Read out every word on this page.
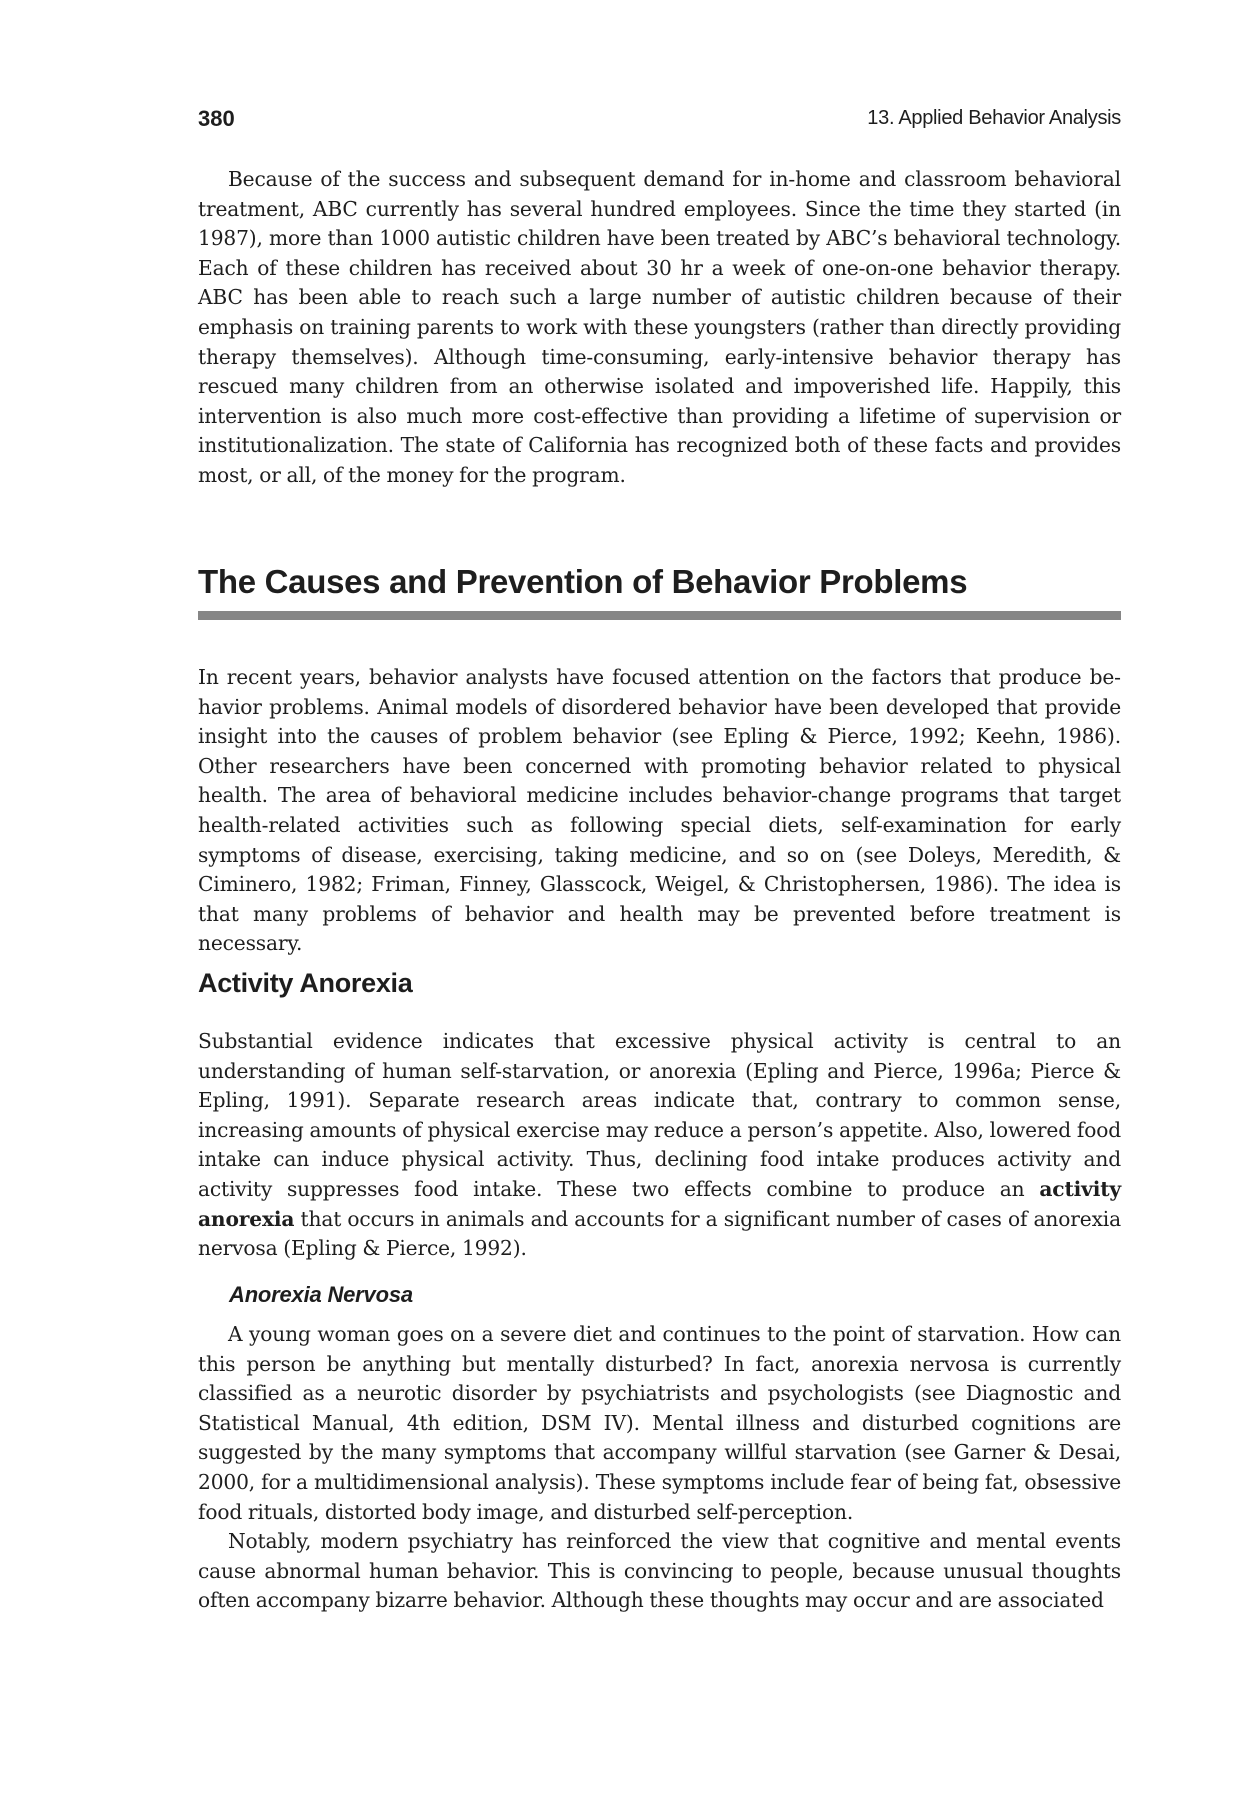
380	13. Applied Behavior Analysis

Because of the success and subsequent demand for in-home and classroom behavioral treatment, ABC currently has several hundred employees. Since the time they started (in 1987), more than 1000 autistic children have been treated by ABC’s behavioral technology. Each of these children has received about 30 hr a week of one-on-one behavior therapy. ABC has been able to reach such a large number of autistic children because of their emphasis on training parents to work with these youngsters (rather than directly providing therapy themselves). Although time-consuming, early-intensive behavior therapy has rescued many children from an otherwise isolated and impoverished life. Happily, this intervention is also much more cost-effective than providing a lifetime of supervision or institutionalization. The state of California has recognized both of these facts and provides most, or all, of the money for the program.

The Causes and Prevention of Behavior Problems

In recent years, behavior analysts have focused attention on the factors that produce behavior problems. Animal models of disordered behavior have been developed that provide insight into the causes of problem behavior (see Epling & Pierce, 1992; Keehn, 1986). Other researchers have been concerned with promoting behavior related to physical health. The area of behavioral medicine includes behavior-change programs that target health-related activities such as following special diets, self-examination for early symptoms of disease, exercising, taking medicine, and so on (see Doleys, Meredith, & Ciminero, 1982; Friman, Finney, Glasscock, Weigel, & Christophersen, 1986). The idea is that many problems of behavior and health may be prevented before treatment is necessary.

Activity Anorexia

Substantial evidence indicates that excessive physical activity is central to an understanding of human self-starvation, or anorexia (Epling and Pierce, 1996a; Pierce & Epling, 1991). Separate research areas indicate that, contrary to common sense, increasing amounts of physical exercise may reduce a person’s appetite. Also, lowered food intake can induce physical activity. Thus, declining food intake produces activity and activity suppresses food intake. These two effects combine to produce an activity anorexia that occurs in animals and accounts for a significant number of cases of anorexia nervosa (Epling & Pierce, 1992).

Anorexia Nervosa

A young woman goes on a severe diet and continues to the point of starvation. How can this person be anything but mentally disturbed? In fact, anorexia nervosa is currently classified as a neurotic disorder by psychiatrists and psychologists (see Diagnostic and Statistical Manual, 4th edition, DSM IV). Mental illness and disturbed cognitions are suggested by the many symptoms that accompany willful starvation (see Garner & Desai, 2000, for a multidimensional analysis). These symptoms include fear of being fat, obsessive food rituals, distorted body image, and disturbed self-perception.

Notably, modern psychiatry has reinforced the view that cognitive and mental events cause abnormal human behavior. This is convincing to people, because unusual thoughts often accompany bizarre behavior. Although these thoughts may occur and are associated
